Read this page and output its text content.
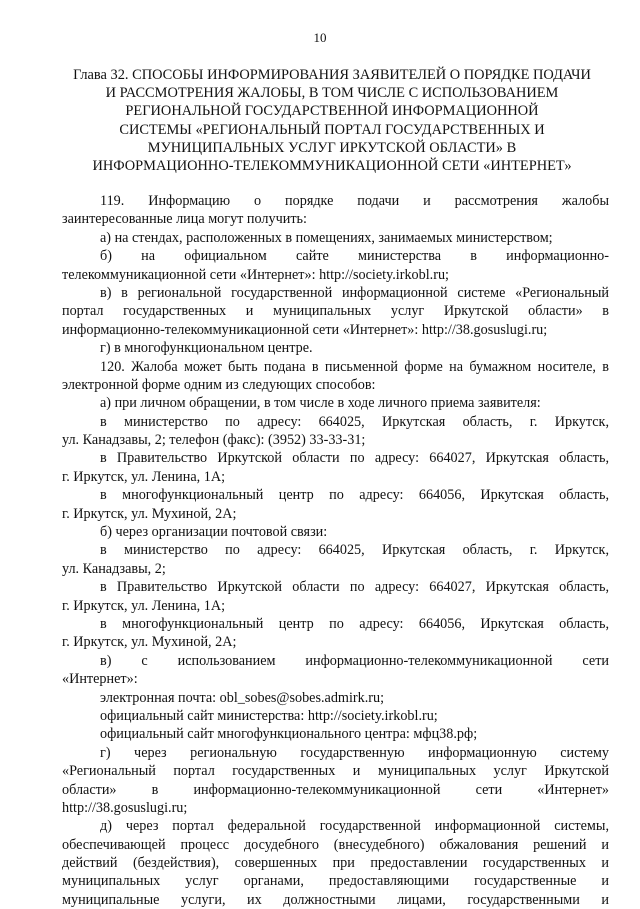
10
Глава 32. СПОСОБЫ ИНФОРМИРОВАНИЯ ЗАЯВИТЕЛЕЙ О ПОРЯДКЕ ПОДАЧИ
И РАССМОТРЕНИЯ ЖАЛОБЫ, В ТОМ ЧИСЛЕ С ИСПОЛЬЗОВАНИЕМ
РЕГИОНАЛЬНОЙ ГОСУДАРСТВЕННОЙ ИНФОРМАЦИОННОЙ
СИСТЕМЫ «РЕГИОНАЛЬНЫЙ ПОРТАЛ ГОСУДАРСТВЕННЫХ И
МУНИЦИПАЛЬНЫХ УСЛУГ ИРКУТСКОЙ ОБЛАСТИ» В
ИНФОРМАЦИОННО-ТЕЛЕКОММУНИКАЦИОННОЙ СЕТИ «ИНТЕРНЕТ»
119. Информацию о порядке подачи и рассмотрения жалобы
заинтересованные лица могут получить:
а) на стендах, расположенных в помещениях, занимаемых министерством;
б) на официальном сайте министерства в информационно-
телекоммуникационной сети «Интернет»: http://society.irkobl.ru;
в) в региональной государственной информационной системе «Региональный
портал государственных и муниципальных услуг Иркутской области» в
информационно-телекоммуникационной сети «Интернет»: http://38.gosuslugi.ru;
г) в многофункциональном центре.
120. Жалоба может быть подана в письменной форме на бумажном носителе, в
электронной форме одним из следующих способов:
а) при личном обращении, в том числе в ходе личного приема заявителя:
в министерство по адресу: 664025, Иркутская область, г. Иркутск,
ул. Канадзавы, 2; телефон (факс): (3952) 33-33-31;
в Правительство Иркутской области по адресу: 664027, Иркутская область,
г. Иркутск, ул. Ленина, 1А;
в многофункциональный центр по адресу: 664056, Иркутская область,
г. Иркутск, ул. Мухиной, 2А;
б) через организации почтовой связи:
в министерство по адресу: 664025, Иркутская область, г. Иркутск,
ул. Канадзавы, 2;
в Правительство Иркутской области по адресу: 664027, Иркутская область,
г. Иркутск, ул. Ленина, 1А;
в многофункциональный центр по адресу: 664056, Иркутская область,
г. Иркутск, ул. Мухиной, 2А;
в) с использованием информационно-телекоммуникационной сети
«Интернет»:
электронная почта: obl_sobes@sobes.admirk.ru;
официальный сайт министерства: http://society.irkobl.ru;
официальный сайт многофункционального центра: мфц38.рф;
г) через региональную государственную информационную систему
«Региональный портал государственных и муниципальных услуг Иркутской
области» в информационно-телекоммуникационной сети «Интернет»
http://38.gosuslugi.ru;
д) через портал федеральной государственной информационной системы,
обеспечивающей процесс досудебного (внесудебного) обжалования решений и
действий (бездействия), совершенных при предоставлении государственных и
муниципальных услуг органами, предоставляющими государственные и
муниципальные услуги, их должностными лицами, государственными и
